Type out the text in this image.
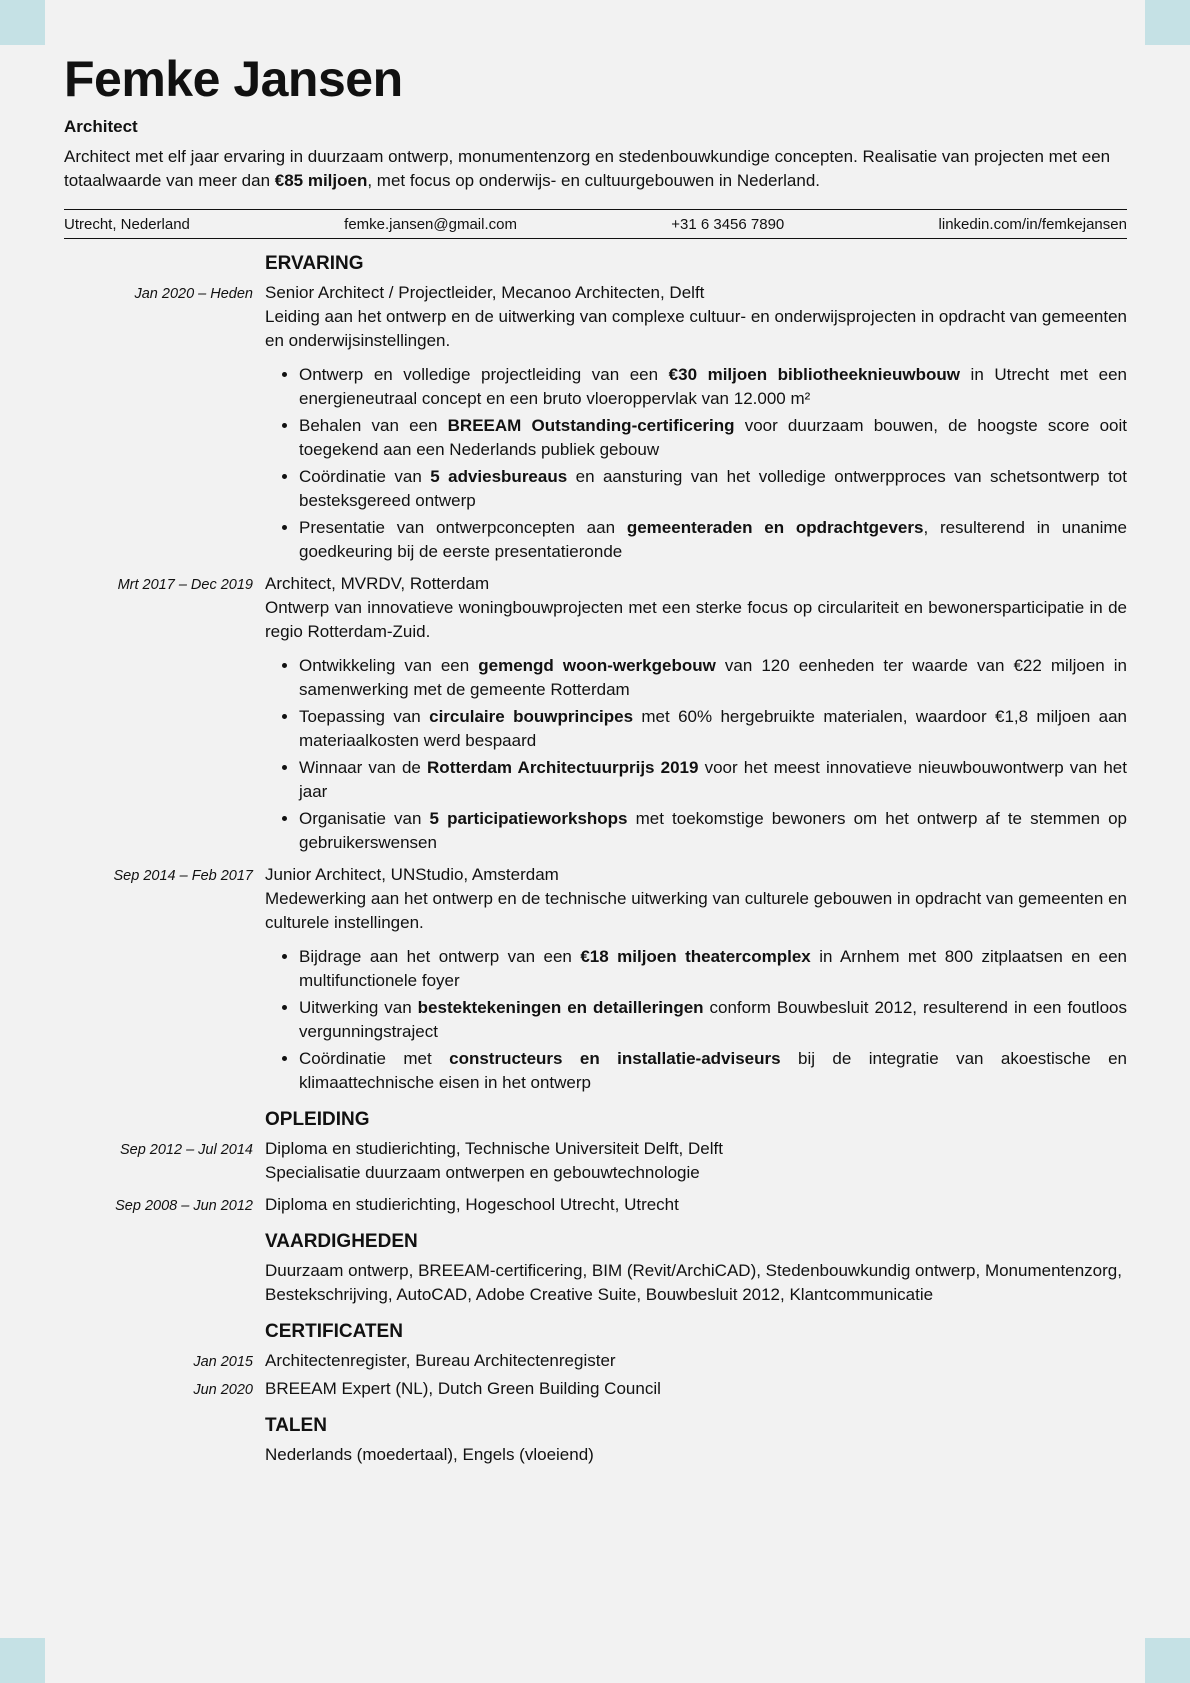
Femke Jansen
Architect
Architect met elf jaar ervaring in duurzaam ontwerp, monumentenzorg en stedenbouwkundige concepten. Realisatie van projecten met een totaalwaarde van meer dan €85 miljoen, met focus op onderwijs- en cultuurgebouwen in Nederland.
Utrecht, Nederland	femke.jansen@gmail.com	+31 6 3456 7890	linkedin.com/in/femkejansen
ERVARING
Jan 2020 – Heden Senior Architect / Projectleider, Mecanoo Architecten, Delft
Leiding aan het ontwerp en de uitwerking van complexe cultuur- en onderwijsprojecten in opdracht van gemeenten en onderwijsinstellingen.
• Ontwerp en volledige projectleiding van een €30 miljoen bibliotheeknieuwbouw in Utrecht met een energieneutraal concept en een bruto vloeroppervlak van 12.000 m²
• Behalen van een BREEAM Outstanding-certificering voor duurzaam bouwen, de hoogste score ooit toegekend aan een Nederlands publiek gebouw
• Coördinatie van 5 adviesbureaus en aansturing van het volledige ontwerpproces van schetsontwerp tot besteksgereed ontwerp
• Presentatie van ontwerpconcepten aan gemeenteraden en opdrachtgevers, resulterend in unanime goedkeuring bij de eerste presentatieronde
Mrt 2017 – Dec 2019 Architect, MVRDV, Rotterdam
Ontwerp van innovatieve woningbouwprojecten met een sterke focus op circulariteit en bewonersparticipatie in de regio Rotterdam-Zuid.
• Ontwikkeling van een gemengd woon-werkgebouw van 120 eenheden ter waarde van €22 miljoen in samenwerking met de gemeente Rotterdam
• Toepassing van circulaire bouwprincipes met 60% hergebruikte materialen, waardoor €1,8 miljoen aan materiaalkosten werd bespaard
• Winnaar van de Rotterdam Architectuurprijs 2019 voor het meest innovatieve nieuwbouwontwerp van het jaar
• Organisatie van 5 participatieworkshops met toekomstige bewoners om het ontwerp af te stemmen op gebruikerswensen
Sep 2014 – Feb 2017 Junior Architect, UNStudio, Amsterdam
Medewerking aan het ontwerp en de technische uitwerking van culturele gebouwen in opdracht van gemeenten en culturele instellingen.
• Bijdrage aan het ontwerp van een €18 miljoen theatercomplex in Arnhem met 800 zitplaatsen en een multifunctionele foyer
• Uitwerking van bestektekeningen en detailleringen conform Bouwbesluit 2012, resulterend in een foutloos vergunningstraject
• Coördinatie met constructeurs en installatie-adviseurs bij de integratie van akoestische en klimaattechnische eisen in het ontwerp
OPLEIDING
Sep 2012 – Jul 2014 Diploma en studierichting, Technische Universiteit Delft, Delft
Specialisatie duurzaam ontwerpen en gebouwtechnologie
Sep 2008 – Jun 2012 Diploma en studierichting, Hogeschool Utrecht, Utrecht
VAARDIGHEDEN
Duurzaam ontwerp, BREEAM-certificering, BIM (Revit/ArchiCAD), Stedenbouwkundig ontwerp, Monumentenzorg, Bestekschrijving, AutoCAD, Adobe Creative Suite, Bouwbesluit 2012, Klantcommunicatie
CERTIFICATEN
Jan 2015 Architectenregister, Bureau Architectenregister
Jun 2020 BREEAM Expert (NL), Dutch Green Building Council
TALEN
Nederlands (moedertaal), Engels (vloeiend)
